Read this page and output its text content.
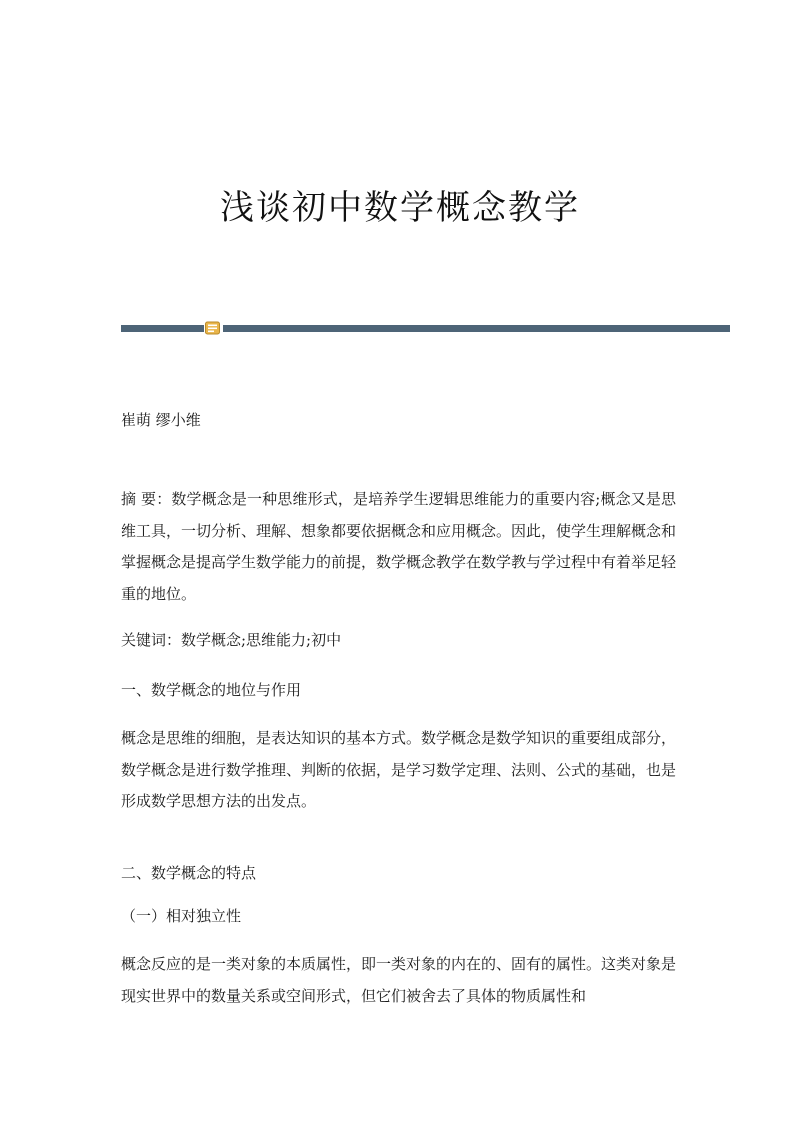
浅谈初中数学概念教学

崔萌 缪小维

摘 要：数学概念是一种思维形式，是培养学生逻辑思维能力的重要内容;概念又是思维工具，一切分析、理解、想象都要依据概念和应用概念。因此，使学生理解概念和掌握概念是提高学生数学能力的前提，数学概念教学在数学教与学过程中有着举足轻重的地位。

关键词：数学概念;思维能力;初中

一、数学概念的地位与作用

概念是思维的细胞，是表达知识的基本方式。数学概念是数学知识的重要组成部分，数学概念是进行数学推理、判断的依据，是学习数学定理、法则、公式的基础，也是形成数学思想方法的出发点。

二、数学概念的特点

（一）相对独立性

概念反应的是一类对象的本质属性，即一类对象的内在的、固有的属性。这类对象是现实世界中的数量关系或空间形式，但它们被舍去了具体的物质属性和
